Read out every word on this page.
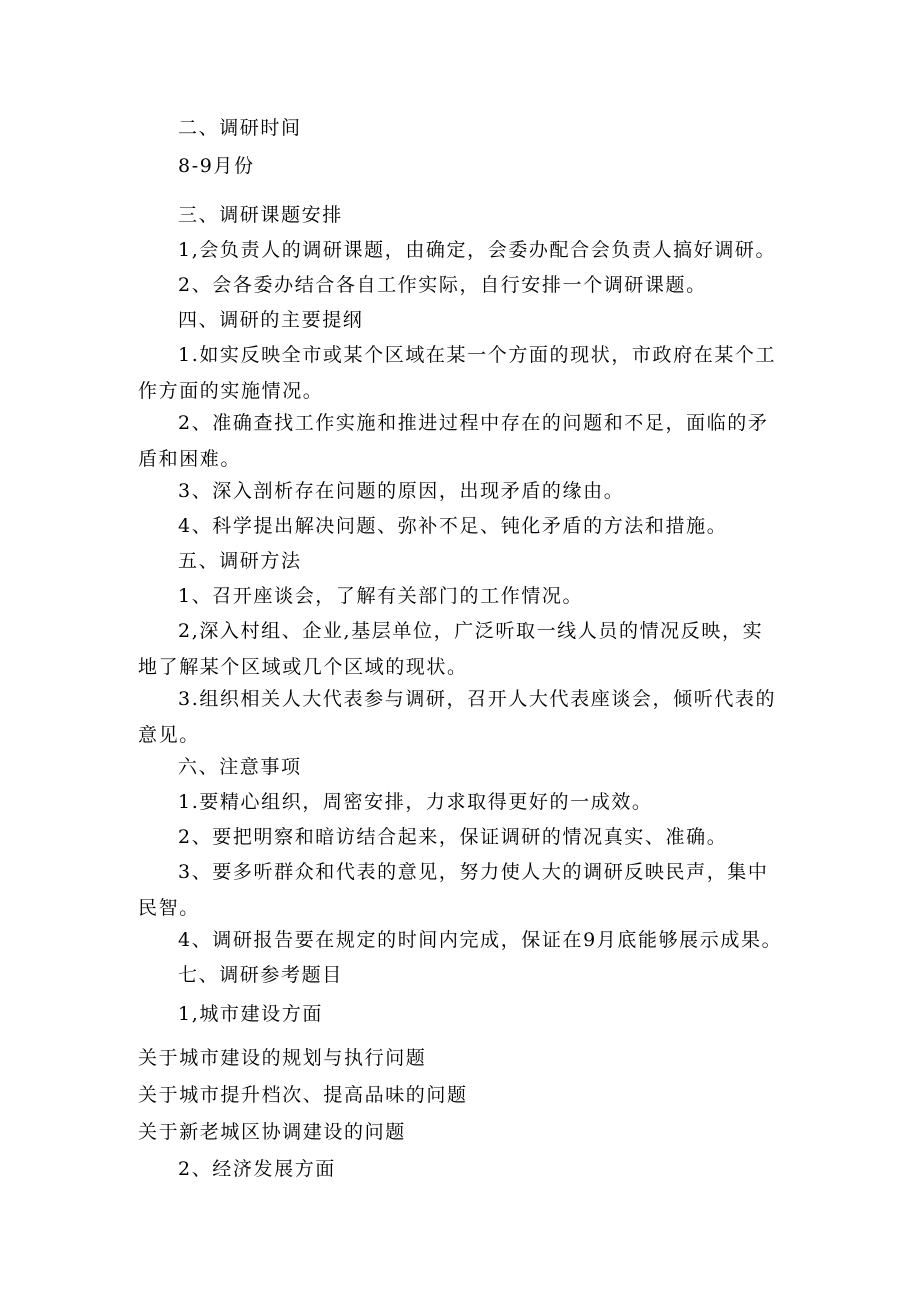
二、调研时间

8-9月份

三、调研课题安排

1,会负责人的调研课题，由确定，会委办配合会负责人搞好调研。

2、会各委办结合各自工作实际，自行安排一个调研课题。

四、调研的主要提纲

1.如实反映全市或某个区域在某一个方面的现状，市政府在某个工作方面的实施情况。

2、准确查找工作实施和推进过程中存在的问题和不足，面临的矛盾和困难。

3、深入剖析存在问题的原因，出现矛盾的缘由。

4、科学提出解决问题、弥补不足、钝化矛盾的方法和措施。

五、调研方法

1、召开座谈会，了解有关部门的工作情况。

2,深入村组、企业,基层单位，广泛听取一线人员的情况反映，实地了解某个区域或几个区域的现状。

3.组织相关人大代表参与调研，召开人大代表座谈会，倾听代表的意见。

六、注意事项

1.要精心组织，周密安排，力求取得更好的一成效。

2、要把明察和暗访结合起来，保证调研的情况真实、准确。

3、要多听群众和代表的意见，努力使人大的调研反映民声，集中民智。

4、调研报告要在规定的时间内完成，保证在9月底能够展示成果。

七、调研参考题目

1,城市建设方面

关于城市建设的规划与执行问题

关于城市提升档次、提高品味的问题

关于新老城区协调建设的问题

2、经济发展方面
